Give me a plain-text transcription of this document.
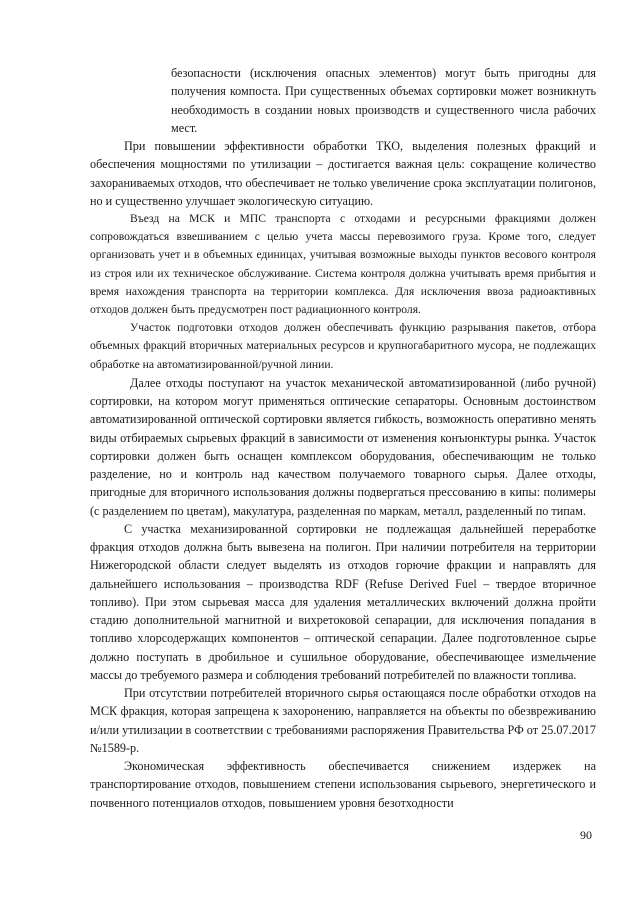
безопасности (исключения опасных элементов) могут быть пригодны для получения компоста. При существенных объемах сортировки может возникнуть необходимость в создании новых производств и существенного числа рабочих мест.

При повышении эффективности обработки ТКО, выделения полезных фракций и обеспечения мощностями по утилизации – достигается важная цель: сокращение количество захораниваемых отходов, что обеспечивает не только увеличение срока эксплуатации полигонов, но и существенно улучшает экологическую ситуацию.

Въезд на МСК и МПС транспорта с отходами и ресурсными фракциями должен сопровождаться взвешиванием с целью учета массы перевозимого груза. Кроме того, следует организовать учет и в объемных единицах, учитывая возможные выходы пунктов весового контроля из строя или их техническое обслуживание. Система контроля должна учитывать время прибытия и время нахождения транспорта на территории комплекса. Для исключения ввоза радиоактивных отходов должен быть предусмотрен пост радиационного контроля.

Участок подготовки отходов должен обеспечивать функцию разрывания пакетов, отбора объемных фракций вторичных материальных ресурсов и крупногабаритного мусора, не подлежащих обработке на автоматизированной/ручной линии.

Далее отходы поступают на участок механической автоматизированной (либо ручной) сортировки, на котором могут применяться оптические сепараторы. Основным достоинством автоматизированной оптической сортировки является гибкость, возможность оперативно менять виды отбираемых сырьевых фракций в зависимости от изменения конъюнктуры рынка. Участок сортировки должен быть оснащен комплексом оборудования, обеспечивающим не только разделение, но и контроль над качеством получаемого товарного сырья. Далее отходы, пригодные для вторичного использования должны подвергаться прессованию в кипы: полимеры (с разделением по цветам), макулатура, разделенная по маркам, металл, разделенный по типам.

С участка механизированной сортировки не подлежащая дальнейшей переработке фракция отходов должна быть вывезена на полигон. При наличии потребителя на территории Нижегородской области следует выделять из отходов горючие фракции и направлять для дальнейшего использования – производства RDF (Refuse Derived Fuel – твердое вторичное топливо). При этом сырьевая масса для удаления металлических включений должна пройти стадию дополнительной магнитной и вихретоковой сепарации, для исключения попадания в топливо хлорсодержащих компонентов – оптической сепарации. Далее подготовленное сырье должно поступать в дробильное и сушильное оборудование, обеспечивающее измельчение массы до требуемого размера и соблюдения требований потребителей по влажности топлива.

При отсутствии потребителей вторичного сырья остающаяся после обработки отходов на МСК фракция, которая запрещена к захоронению, направляется на объекты по обезвреживанию и/или утилизации в соответствии с требованиями распоряжения Правительства РФ от 25.07.2017 №1589-р.

Экономическая эффективность обеспечивается снижением издержек на транспортирование отходов, повышением степени использования сырьевого, энергетического и почвенного потенциалов отходов, повышением уровня безотходности

90
